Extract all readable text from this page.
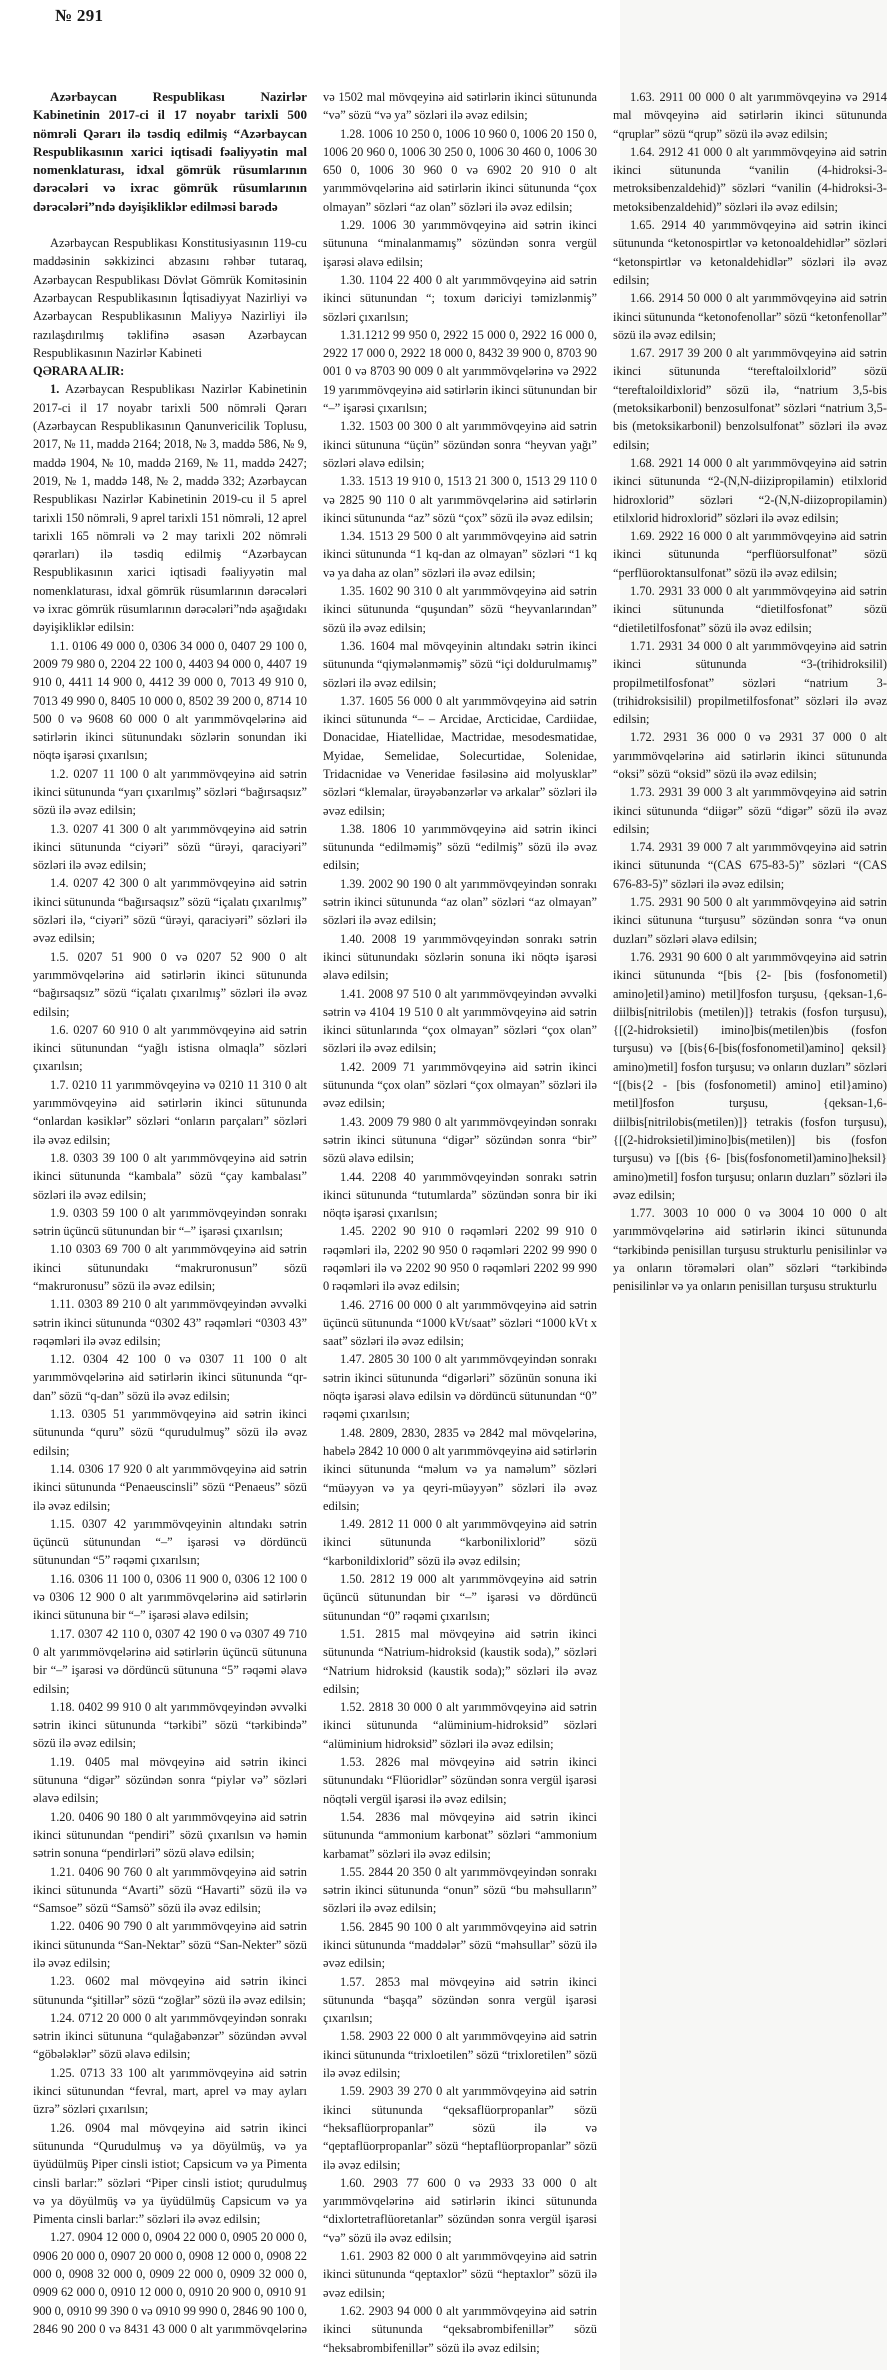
№ 291

Azərbaycan Respublikası Nazirlər Kabinetinin 2017-ci il 17 noyabr tarixli 500 nömrəli Qərarı ilə təsdiq edilmiş “Azərbaycan Respublikasının xarici iqtisadi fəaliyyətin mal nomenklaturası, idxal gömrük rüsumlarının dərəcələri və ixrac gömrük rüsumlarının dərəcələri”ndə dəyişikliklər edilməsi barədə

Azərbaycan Respublikası Konstitusiyasının 119-cu maddəsinin səkkizinci abzasını rəhbər tutaraq, Azərbaycan Respublikası Dövlət Gömrük Komitəsinin Azərbaycan Respublikasının İqtisadiyyat Nazirliyi və Azərbaycan Respublikasının Maliyyə Nazirliyi ilə razılaşdırılmış təklifinə əsasən Azərbaycan Respublikasının Nazirlər Kabineti

QƏRARA ALIR:

1. Azərbaycan Respublikası Nazirlər Kabinetinin 2017-ci il 17 noyabr tarixli 500 nömrəli Qərarı (Azərbaycan Respublikasının Qanunvericilik Toplusu, 2017, № 11, maddə 2164; 2018, № 3, maddə 586, № 9, maddə 1904, № 10, maddə 2169, № 11, maddə 2427; 2019, № 1, maddə 148, № 2, maddə 332; Azərbaycan Respublikası Nazirlər Kabinetinin 2019-cu il 5 aprel tarixli 150 nömrəli, 9 aprel tarixli 151 nömrəli, 12 aprel tarixli 165 nömrəli və 2 may tarixli 202 nömrəli qərarları) ilə təsdiq edilmiş “Azərbaycan Respublikasının xarici iqtisadi fəaliyyətin mal nomenklaturası, idxal gömrük rüsumlarının dərəcələri və ixrac gömrük rüsumlarının dərəcələri”ndə aşağıdakı dəyişikliklər edilsin:

1.1. 0106 49 000 0, 0306 34 000 0, 0407 29 100 0, 2009 79 980 0, 2204 22 100 0, 4403 94 000 0, 4407 19 910 0, 4411 14 900 0, 4412 39 000 0, 7013 49 910 0, 7013 49 990 0, 8405 10 000 0, 8502 39 200 0, 8714 10 500 0 və 9608 60 000 0 alt yarımmövqelərinə aid sətirlərin ikinci sütunundakı sözlərin sonundan iki nöqtə işarəsi çıxarılsın;

1.2. 0207 11 100 0 alt yarımmövqeyinə aid sətrin ikinci sütununda “yarı çıxarılmış” sözləri “bağırsaqsız” sözü ilə əvəz edilsin;

1.3. 0207 41 300 0 alt yarımmövqeyinə aid sətrin ikinci sütununda “ciyəri” sözü “ürəyi, qaraciyəri” sözləri ilə əvəz edilsin;

1.4. 0207 42 300 0 alt yarımmövqeyinə aid sətrin ikinci sütununda “bağırsaqsız” sözü “içalatı çıxarılmış” sözləri ilə, “ciyəri” sözü “ürəyi, qaraciyəri” sözləri ilə əvəz edilsin;

1.5. 0207 51 900 0 və 0207 52 900 0 alt yarımmövqelərinə aid sətirlərin ikinci sütununda “bağırsaqsız” sözü “içalatı çıxarılmış” sözləri ilə əvəz edilsin;

1.6. 0207 60 910 0 alt yarımmövqeyinə aid sətrin ikinci sütunundan “yağlı istisna olmaqla” sözləri çıxarılsın;

1.7. 0210 11 yarımmövqeyinə və 0210 11 310 0 alt yarımmövqeyinə aid sətirlərin ikinci sütununda “onlardan kəsiklər” sözləri “onların parçaları” sözləri ilə əvəz edilsin;

1.8. 0303 39 100 0 alt yarımmövqeyinə aid sətrin ikinci sütununda “kambala” sözü “çay kambalası” sözləri ilə əvəz edilsin;

1.9. 0303 59 100 0 alt yarımmövqeyindən sonrakı sətrin üçüncü sütunundan bir “–” işarəsi çıxarılsın;

1.10 0303 69 700 0 alt yarımmövqeyinə aid sətrin ikinci sütunundakı “makruronusun” sözü “makruronusu” sözü ilə əvəz edilsin;

1.11. 0303 89 210 0 alt yarımmövqeyindən əvvəlki sətrin ikinci sütununda “0302 43” rəqəmləri “0303 43” rəqəmləri ilə əvəz edilsin;

1.12. 0304 42 100 0 və 0307 11 100 0 alt yarımmövqelərinə aid sətirlərin ikinci sütununda “qr-dan” sözü “q-dan” sözü ilə əvəz edilsin;

1.13. 0305 51 yarımmövqeyinə aid sətrin ikinci sütununda “quru” sözü “qurudulmuş” sözü ilə əvəz edilsin;

1.14. 0306 17 920 0 alt yarımmövqeyinə aid sətrin ikinci sütununda “Penaeuscinsli” sözü “Penaeus” sözü ilə əvəz edilsin;

1.15. 0307 42 yarımmövqeyinin altındakı sətrin üçüncü sütunundan “–” işarəsi və dördüncü sütunundan “5” rəqəmi çıxarılsın;

1.16. 0306 11 100 0, 0306 11 900 0, 0306 12 100 0 və 0306 12 900 0 alt yarımmövqelərinə aid sətirlərin ikinci sütununa bir “–” işarəsi əlavə edilsin;

1.17. 0307 42 110 0, 0307 42 190 0 və 0307 49 710 0 alt yarımmövqelərinə aid sətirlərin üçüncü sütununa bir “–” işarəsi və dördüncü sütununa “5” rəqəmi əlavə edilsin;

1.18. 0402 99 910 0 alt yarımmövqeyindən əvvəlki sətrin ikinci sütununda “tərkibi” sözü “tərkibində” sözü ilə əvəz edilsin;

1.19. 0405 mal mövqeyinə aid sətrin ikinci sütununa “digər” sözündən sonra “piylər və” sözləri əlavə edilsin;

1.20. 0406 90 180 0 alt yarımmövqeyinə aid sətrin ikinci sütunundan “pendiri” sözü çıxarılsın və həmin sətrin sonuna “pendirləri” sözü əlavə edilsin;

1.21. 0406 90 760 0 alt yarımmövqeyinə aid sətrin ikinci sütununda “Avarti” sözü “Havarti” sözü ilə və “Samsoe” sözü “Samsö” sözü ilə əvəz edilsin;

1.22. 0406 90 790 0 alt yarımmövqeyinə aid sətrin ikinci sütununda “San-Nektar” sözü “San-Nekter” sözü ilə əvəz edilsin;

1.23. 0602 mal mövqeyinə aid sətrin ikinci sütununda “şitillər” sözü “zoğlar” sözü ilə əvəz edilsin;

1.24. 0712 20 000 0 alt yarımmövqeyindən sonrakı sətrin ikinci sütununa “qulağabənzər” sözündən əvvəl “göbələklər” sözü əlavə edilsin;

1.25. 0713 33 100 alt yarımmövqeyinə aid sətrin ikinci sütunundan “fevral, mart, aprel və may ayları üzrə” sözləri çıxarılsın;

1.26. 0904 mal mövqeyinə aid sətrin ikinci sütununda “Qurudulmuş və ya döyülmüş, və ya üyüdülmüş Piper cinsli istiot; Capsicum və ya Pimenta cinsli barlar:” sözləri “Piper cinsli istiot; qurudulmuş və ya döyülmüş və ya üyüdülmüş Capsicum və ya Pimenta cinsli barlar:” sözləri ilə əvəz edilsin;

1.27. 0904 12 000 0, 0904 22 000 0, 0905 20 000 0, 0906 20 000 0, 0907 20 000 0, 0908 12 000 0, 0908 22 000 0, 0908 32 000 0, 0909 22 000 0, 0909 32 000 0, 0909 62 000 0, 0910 12 000 0, 0910 20 900 0, 0910 91 900 0, 0910 99 390 0 və 0910 99 990 0, 2846 90 100 0, 2846 90 200 0 və 8431 43 000 0 alt yarımmövqelərinə və 1502 mal mövqeyinə aid sətirlərin ikinci sütununda “və” sözü “və ya” sözləri ilə əvəz edilsin;

1.28. 1006 10 250 0, 1006 10 960 0, 1006 20 150 0, 1006 20 960 0, 1006 30 250 0, 1006 30 460 0, 1006 30 650 0, 1006 30 960 0 və 6902 20 910 0 alt yarımmövqelərinə aid sətirlərin ikinci sütununda “çox olmayan” sözləri “az olan” sözləri ilə əvəz edilsin;

1.29. 1006 30 yarımmövqeyinə aid sətrin ikinci sütununa “minalanmamış” sözündən sonra vergül işarəsi əlavə edilsin;

1.30. 1104 22 400 0 alt yarımmövqeyinə aid sətrin ikinci sütunundan “; toxum dəriciyi təmizlənmiş” sözləri çıxarılsın;

1.31.1212 99 950 0, 2922 15 000 0, 2922 16 000 0, 2922 17 000 0, 2922 18 000 0, 8432 39 900 0, 8703 90 001 0 və 8703 90 009 0 alt yarımmövqelərinə və 2922 19 yarımmövqeyinə aid sətirlərin ikinci sütunundan bir “–” işarəsi çıxarılsın;

1.32. 1503 00 300 0 alt yarımmövqeyinə aid sətrin ikinci sütununa “üçün” sözündən sonra “heyvan yağı” sözləri əlavə edilsin;

1.33. 1513 19 910 0, 1513 21 300 0, 1513 29 110 0 və 2825 90 110 0 alt yarımmövqelərinə aid sətirlərin ikinci sütununda “az” sözü “çox” sözü ilə əvəz edilsin;

1.34. 1513 29 500 0 alt yarımmövqeyinə aid sətrin ikinci sütununda “1 kq-dan az olmayan” sözləri “1 kq və ya daha az olan” sözləri ilə əvəz edilsin;

1.35. 1602 90 310 0 alt yarımmövqeyinə aid sətrin ikinci sütununda “quşundan” sözü “heyvanlarından” sözü ilə əvəz edilsin;

1.36. 1604 mal mövqeyinin altındakı sətrin ikinci sütununda “qiymələnməmiş” sözü “içi doldurulmamış” sözləri ilə əvəz edilsin;

1.37. 1605 56 000 0 alt yarımmövqeyinə aid sətrin ikinci sütununda “– – Arcidae, Arcticidae, Cardiidae, Donacidae, Hiatellidae, Mactridae, mesodesmatidae, Myidae, Semelidae, Solecurtidae, Solenidae, Tridacnidae və Veneridae fəsiləsinə aid molyusklar” sözləri “klemalar, ürəyəbənzərlər və arkalar” sözləri ilə əvəz edilsin;

1.38. 1806 10 yarımmövqeyinə aid sətrin ikinci sütununda “edilməmiş” sözü “edilmiş” sözü ilə əvəz edilsin;

1.39. 2002 90 190 0 alt yarımmövqeyindən sonrakı sətrin ikinci sütununda “az olan” sözləri “az olmayan” sözləri ilə əvəz edilsin;

1.40. 2008 19 yarımmövqeyindən sonrakı sətrin ikinci sütunundakı sözlərin sonuna iki nöqtə işarəsi əlavə edilsin;

1.41. 2008 97 510 0 alt yarımmövqeyindən əvvəlki sətrin və 4104 19 510 0 alt yarımmövqeyinə aid sətrin ikinci sütunlarında “çox olmayan” sözləri “çox olan” sözləri ilə əvəz edilsin;

1.42. 2009 71 yarımmövqeyinə aid sətrin ikinci sütununda “çox olan” sözləri “çox olmayan” sözləri ilə əvəz edilsin;

1.43. 2009 79 980 0 alt yarımmövqeyindən sonrakı sətrin ikinci sütununa “digər” sözündən sonra “bir” sözü əlavə edilsin;

1.44. 2208 40 yarımmövqeyindən sonrakı sətrin ikinci sütununda “tutumlarda” sözündən sonra bir iki nöqtə işarəsi çıxarılsın;

1.45. 2202 90 910 0 rəqəmləri 2202 99 910 0 rəqəmləri ilə, 2202 90 950 0 rəqəmləri 2202 99 990 0 rəqəmləri ilə və 2202 90 950 0 rəqəmləri 2202 99 990 0 rəqəmləri ilə əvəz edilsin;

1.46. 2716 00 000 0 alt yarımmövqeyinə aid sətrin üçüncü sütununda “1000 kVt/saat” sözləri “1000 kVt x saat” sözləri ilə əvəz edilsin;

1.47. 2805 30 100 0 alt yarımmövqeyindən sonrakı sətrin ikinci sütununda “digərləri” sözünün sonuna iki nöqtə işarəsi əlavə edilsin və dördüncü sütunundan “0” rəqəmi çıxarılsın;

1.48. 2809, 2830, 2835 və 2842 mal mövqelərinə, habelə 2842 10 000 0 alt yarımmövqeyinə aid sətirlərin ikinci sütununda “məlum və ya naməlum” sözləri “müəyyən və ya qeyri-müəyyən” sözləri ilə əvəz edilsin;

1.49. 2812 11 000 0 alt yarımmövqeyinə aid sətrin ikinci sütununda “karbonilixlorid” sözü “karbonildixlorid” sözü ilə əvəz edilsin;

1.50. 2812 19 000 alt yarımmövqeyinə aid sətrin üçüncü sütunundan bir “–” işarəsi və dördüncü sütunundan “0” rəqəmi çıxarılsın;

1.51. 2815 mal mövqeyinə aid sətrin ikinci sütununda “Natrium-hidroksid (kaustik soda),” sözləri “Natrium hidroksid (kaustik soda);” sözləri ilə əvəz edilsin;

1.52. 2818 30 000 0 alt yarımmövqeyinə aid sətrin ikinci sütununda “alüminium-hidroksid” sözləri “alüminium hidroksid” sözləri ilə əvəz edilsin;

1.53. 2826 mal mövqeyinə aid sətrin ikinci sütunundakı “Flüoridlər” sözündən sonra vergül işarəsi nöqtəli vergül işarəsi ilə əvəz edilsin;

1.54. 2836 mal mövqeyinə aid sətrin ikinci sütununda “ammonium karbonat” sözləri “ammonium karbamat” sözləri ilə əvəz edilsin;

1.55. 2844 20 350 0 alt yarımmövqeyindən sonrakı sətrin ikinci sütununda “onun” sözü “bu məhsulların” sözləri ilə əvəz edilsin;

1.56. 2845 90 100 0 alt yarımmövqeyinə aid sətrin ikinci sütununda “maddələr” sözü “məhsullar” sözü ilə əvəz edilsin;

1.57. 2853 mal mövqeyinə aid sətrin ikinci sütununda “başqa” sözündən sonra vergül işarəsi çıxarılsın;

1.58. 2903 22 000 0 alt yarımmövqeyinə aid sətrin ikinci sütununda “trixloetilen” sözü “trixloretilen” sözü ilə əvəz edilsin;

1.59. 2903 39 270 0 alt yarımmövqeyinə aid sətrin ikinci sütununda “qeksaflüorpropanlar” sözü “heksaflüorpropanlar” sözü ilə və “qeptaflüorpropanlar” sözü “heptaflüorpropanlar” sözü ilə əvəz edilsin;

1.60. 2903 77 600 0 və 2933 33 000 0 alt yarımmövqelərinə aid sətirlərin ikinci sütununda “dixlortetraflüoretanlar” sözündən sonra vergül işarəsi “və” sözü ilə əvəz edilsin;

1.61. 2903 82 000 0 alt yarımmövqeyinə aid sətrin ikinci sütununda “qeptaxlor” sözü “heptaxlor” sözü ilə əvəz edilsin;

1.62. 2903 94 000 0 alt yarımmövqeyinə aid sətrin ikinci sütununda “qeksabrombifenillər” sözü “heksabrombifenillər” sözü ilə əvəz edilsin;

1.63. 2911 00 000 0 alt yarımmövqeyinə və 2914 mal mövqeyinə aid sətirlərin ikinci sütununda “qruplar” sözü “qrup” sözü ilə əvəz edilsin;

1.64. 2912 41 000 0 alt yarımmövqeyinə aid sətrin ikinci sütununda “vanilin (4-hidroksi-3-metroksibenzaldehid)” sözləri “vanilin (4-hidroksi-3-metoksibenzaldehid)” sözləri ilə əvəz edilsin;

1.65. 2914 40 yarımmövqeyinə aid sətrin ikinci sütununda “ketonospirtlər və ketonoaldehidlər” sözləri “ketonspirtlər və ketonaldehidlər” sözləri ilə əvəz edilsin;

1.66. 2914 50 000 0 alt yarımmövqeyinə aid sətrin ikinci sütununda “ketonofenollar” sözü “ketonfenollar” sözü ilə əvəz edilsin;

1.67. 2917 39 200 0 alt yarımmövqeyinə aid sətrin ikinci sütununda “tereftaloilxlorid” sözü “tereftaloildixlorid” sözü ilə, “natrium 3,5-bis (metoksikarbonil) benzosulfonat” sözləri “natrium 3,5-bis (metoksikarbonil) benzolsulfonat” sözləri ilə əvəz edilsin;

1.68. 2921 14 000 0 alt yarımmövqeyinə aid sətrin ikinci sütununda “2-(N,N-diizipropilamin) etilxlorid hidroxlorid” sözləri “2-(N,N-diizopropilamin) etilxlorid hidroxlorid” sözləri ilə əvəz edilsin;

1.69. 2922 16 000 0 alt yarımmövqeyinə aid sətrin ikinci sütununda “perflüorsulfonat” sözü “perflüoroktansulfonat” sözü ilə əvəz edilsin;

1.70. 2931 33 000 0 alt yarımmövqeyinə aid sətrin ikinci sütununda “dietilfosfonat” sözü “dietiletilfosfonat” sözü ilə əvəz edilsin;

1.71. 2931 34 000 0 alt yarımmövqeyinə aid sətrin ikinci sütununda “3-(trihidroksilil) propilmetilfosfonat” sözləri “natrium 3-(trihidroksisilil) propilmetilfosfonat” sözləri ilə əvəz edilsin;

1.72. 2931 36 000 0 və 2931 37 000 0 alt yarımmövqelərinə aid sətirlərin ikinci sütununda “oksi” sözü “oksid” sözü ilə əvəz edilsin;

1.73. 2931 39 000 3 alt yarımmövqeyinə aid sətrin ikinci sütununda “diigər” sözü “digər” sözü ilə əvəz edilsin;

1.74. 2931 39 000 7 alt yarımmövqeyinə aid sətrin ikinci sütununda “(CAS 675-83-5)” sözləri “(CAS 676-83-5)” sözləri ilə əvəz edilsin;

1.75. 2931 90 500 0 alt yarımmövqeyinə aid sətrin ikinci sütununa “turşusu” sözündən sonra “və onun duzları” sözləri əlavə edilsin;

1.76. 2931 90 600 0 alt yarımmövqeyinə aid sətrin ikinci sütununda “[bis {2- [bis (fosfonometil) amino]etil}amino) metil]fosfon turşusu, {qeksan-1,6-diilbis[nitrilobis (metilen)]} tetrakis (fosfon turşusu), {[(2-hidroksietil) imino]bis(metilen)bis (fosfon turşusu) və [(bis{6-[bis(fosfonometil)amino] qeksil} amino)metil] fosfon turşusu; və onların duzları” sözləri “[(bis{2 - [bis (fosfonometil) amino] etil}amino) metil]fosfon turşusu, {qeksan-1,6-diilbis[nitrilobis(metilen)]} tetrakis (fosfon turşusu), {[(2-hidroksietil)imino]bis(metilen)] bis (fosfon turşusu) və [(bis {6- [bis(fosfonometil)amino]heksil} amino)metil] fosfon turşusu; onların duzları” sözləri ilə əvəz edilsin;

1.77. 3003 10 000 0 və 3004 10 000 0 alt yarımmövqelərinə aid sətirlərin ikinci sütununda “tərkibində penisillan turşusu strukturlu penisilinlər və ya onların törəmələri olan” sözləri “tərkibində penisilinlər və ya onların penisillan turşusu strukturlu
